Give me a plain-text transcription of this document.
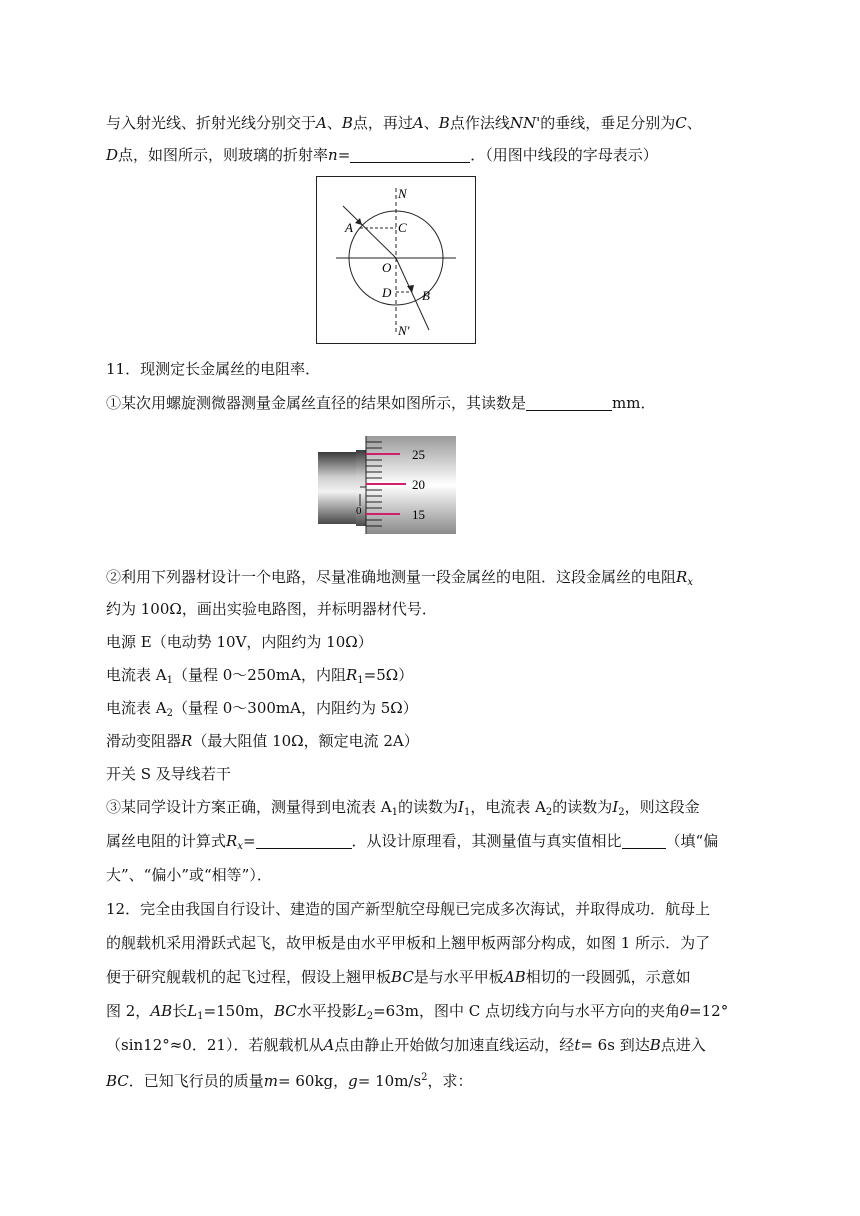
与入射光线、折射光线分别交于A、B点，再过A、B点作法线NN'的垂线，垂足分别为C、
D点，如图所示，则玻璃的折射率n=	．（用图中线段的字母表示）
N
A	C
O
D B
N'
11．现测定长金属丝的电阻率．
①某次用螺旋测微器测量金属丝直径的结果如图所示，其读数是	mm．
0
25
20
15
②利用下列器材设计一个电路，尽量准确地测量一段金属丝的电阻．这段金属丝的电阻$R_x$
约为 100Ω，画出实验电路图，并标明器材代号．
电源 E（电动势 10V，内阻约为 10Ω）
电流表 $A_1$（量程 0～250mA，内阻$R_1=5\Omega$）
电流表 $A_2$（量程 0～300mA，内阻约为 5Ω）
滑动变阻器R（最大阻值 10Ω，额定电流 2A）
开关 S 及导线若干
③某同学设计方案正确，测量得到电流表 $A_1$的读数为$I_1$，电流表 $A_2$的读数为$I_2$，则这段金
属丝电阻的计算式$R_x=$	．从设计原理看，其测量值与真实值相比	（填“偏
大”、“偏小”或“相等”）．
12．完全由我国自行设计、建造的国产新型航空母舰已完成多次海试，并取得成功．航母上
的舰载机采用滑跃式起飞，故甲板是由水平甲板和上翘甲板两部分构成，如图 1 所示．为了
便于研究舰载机的起飞过程，假设上翘甲板BC是与水平甲板AB相切的一段圆弧，示意如
图 2，AB长$L_1=150m$，BC水平投影$L_2=63m$，图中 C 点切线方向与水平方向的夹角θ=12°
（sin12°≈0．21）．若舰载机从A点由静止开始做匀加速直线运动，经t= 6s 到达B点进入
BC．已知飞行员的质量m= 60kg，$g= 10m/s^2$，求：
